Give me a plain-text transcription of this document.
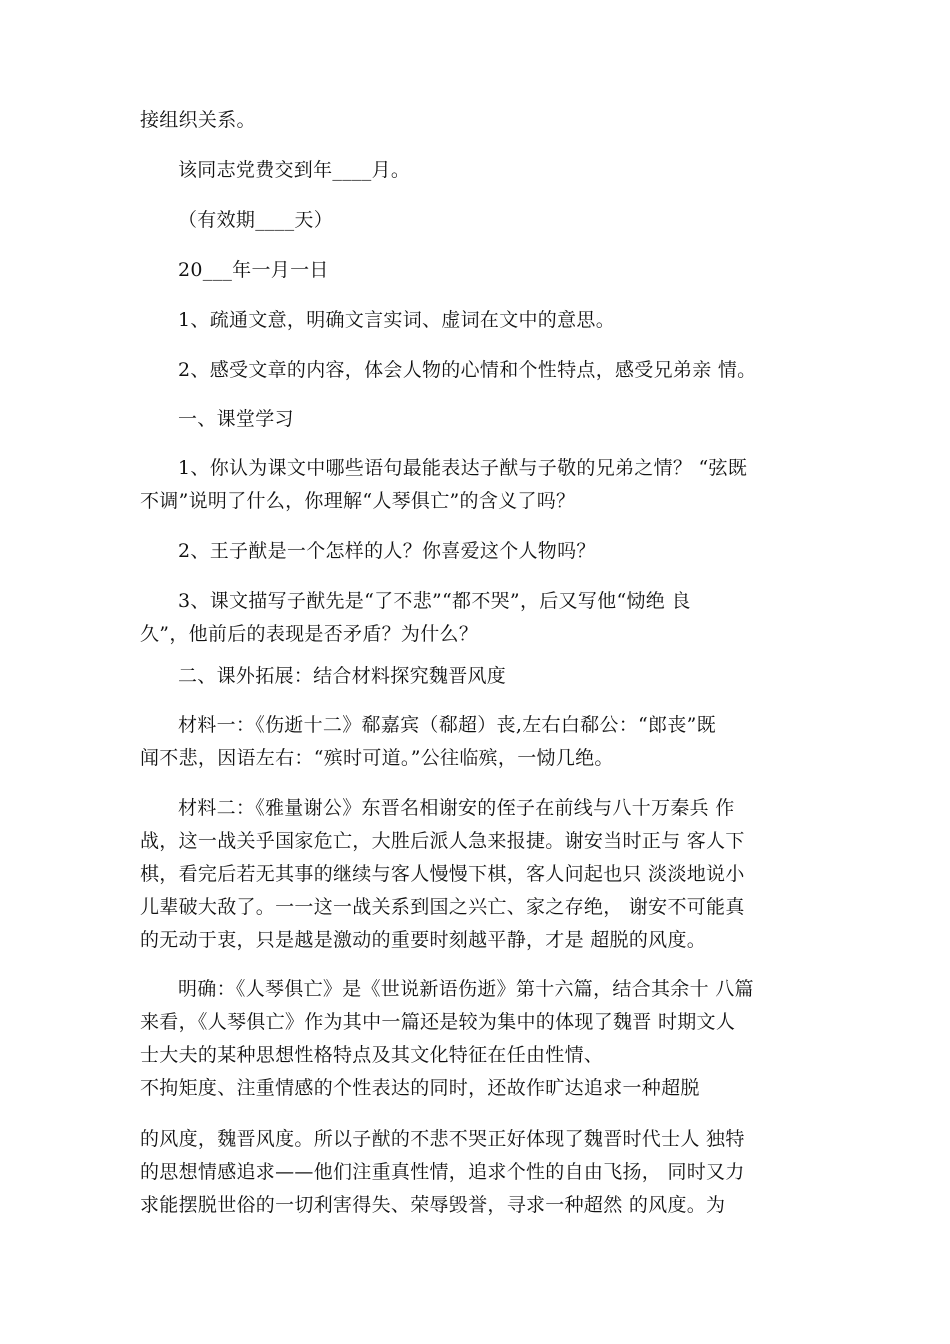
接组织关系。

该同志党费交到年____月。

（有效期____天）

20___年一月一日

1、疏通文意，明确文言实词、虚词在文中的意思。

2、感受文章的内容，体会人物的心情和个性特点，感受兄弟亲 情。

一、课堂学习

1、你认为课文中哪些语句最能表达子猷与子敬的兄弟之情？ “弦既
不调”说明了什么，你理解“人琴俱亡”的含义了吗？

2、王子猷是一个怎样的人？你喜爱这个人物吗？

3、课文描写子猷先是“了不悲”“都不哭”，后又写他“恸绝 良
久”，他前后的表现是否矛盾？为什么？

二、课外拓展：结合材料探究魏晋风度

材料一：《伤逝十二》郗嘉宾（郗超）丧,左右白郗公：“郎丧”既
闻不悲，因语左右：“殡时可道。”公往临殡，一恸几绝。

材料二：《雅量谢公》东晋名相谢安的侄子在前线与八十万秦兵 作
战，这一战关乎国家危亡，大胜后派人急来报捷。谢安当时正与 客人下
棋，看完后若无其事的继续与客人慢慢下棋，客人问起也只 淡淡地说小
儿辈破大敌了。一一这一战关系到国之兴亡、家之存绝， 谢安不可能真
的无动于衷，只是越是激动的重要时刻越平静，才是 超脱的风度。

明确：《人琴俱亡》是《世说新语伤逝》第十六篇，结合其余十 八篇
来看，《人琴俱亡》作为其中一篇还是较为集中的体现了魏晋 时期文人
士大夫的某种思想性格特点及其文化特征在任由性情、
不拘矩度、注重情感的个性表达的同时，还故作旷达追求一种超脱

的风度，魏晋风度。所以子猷的不悲不哭正好体现了魏晋时代士人 独特
的思想情感追求——他们注重真性情，追求个性的自由飞扬， 同时又力
求能摆脱世俗的一切利害得失、荣辱毁誉，寻求一种超然 的风度。为
